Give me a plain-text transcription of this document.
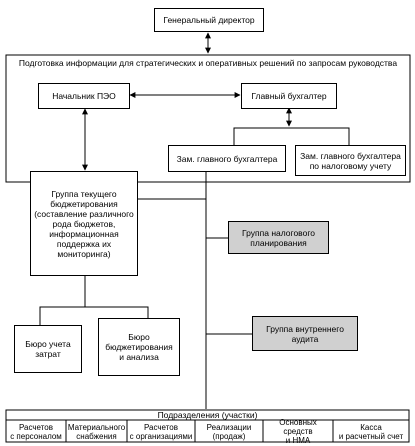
Генеральный директор
Подготовка информации для стратегических и оперативных решений по запросам руководства
Начальник ПЭО	Главный бухгалтер
Зам. главного бухгалтера	Зам. главного бухгалтера
по налоговому учету
Группа текущего
бюджетирования
(составление различного
рода бюджетов,
информационная
поддержка их
мониторинга)
Группа налогового
планирования
Бюро учета
затрат
Бюро
бюджетирования
и анализа
Группа внутреннего
аудита
Подразделения (участки)
Расчетов
с персоналом
Материального
снабжения
Расчетов
с организациями
Реализации
(продаж)
Основных средств
и НМА
Касса
и расчетный счет
